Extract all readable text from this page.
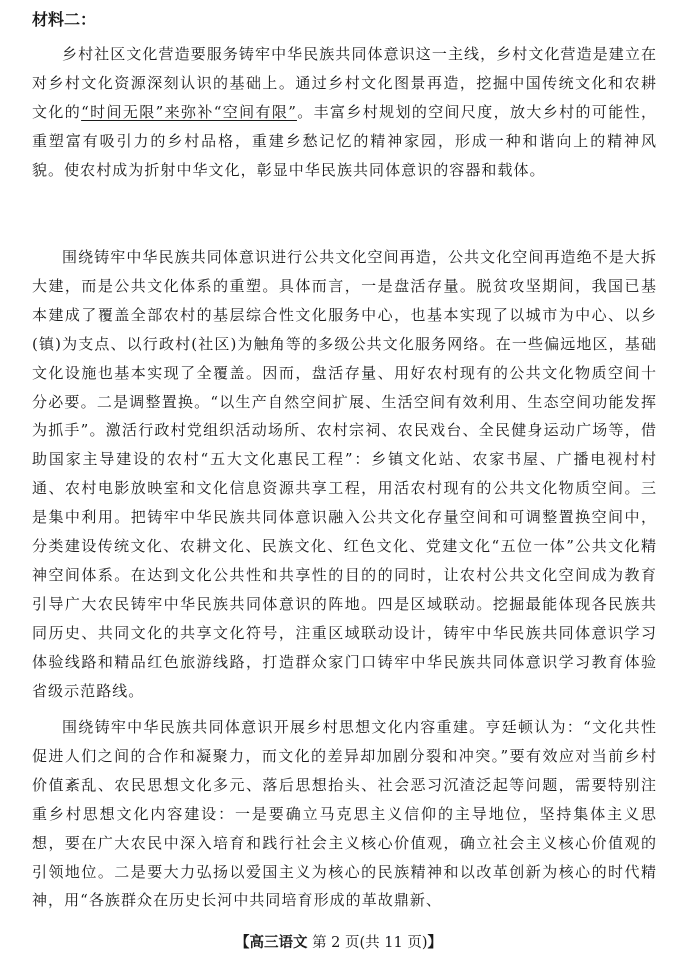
材料二：

乡村社区文化营造要服务铸牢中华民族共同体意识这一主线，乡村文化营造是建立在对乡村文化资源深刻认识的基础上。通过乡村文化图景再造，挖掘中国传统文化和农耕文化的“时间无限”来弥补“空间有限”。丰富乡村规划的空间尺度，放大乡村的可能性，重塑富有吸引力的乡村品格，重建乡愁记忆的精神家园，形成一种和谐向上的精神风貌。使农村成为折射中华文化，彰显中华民族共同体意识的容器和载体。

围绕铸牢中华民族共同体意识进行公共文化空间再造，公共文化空间再造绝不是大拆大建，而是公共文化体系的重塑。具体而言，一是盘活存量。脱贫攻坚期间，我国已基本建成了覆盖全部农村的基层综合性文化服务中心，也基本实现了以城市为中心、以乡(镇)为支点、以行政村(社区)为触角等的多级公共文化服务网络。在一些偏远地区，基础文化设施也基本实现了全覆盖。因而，盘活存量、用好农村现有的公共文化物质空间十分必要。二是调整置换。“以生产自然空间扩展、生活空间有效利用、生态空间功能发挥为抓手”。激活行政村党组织活动场所、农村宗祠、农民戏台、全民健身运动广场等，借助国家主导建设的农村“五大文化惠民工程”：乡镇文化站、农家书屋、广播电视村村通、农村电影放映室和文化信息资源共享工程，用活农村现有的公共文化物质空间。三是集中利用。把铸牢中华民族共同体意识融入公共文化存量空间和可调整置换空间中，分类建设传统文化、农耕文化、民族文化、红色文化、党建文化“五位一体”公共文化精神空间体系。在达到文化公共性和共享性的目的的同时，让农村公共文化空间成为教育引导广大农民铸牢中华民族共同体意识的阵地。四是区域联动。挖掘最能体现各民族共同历史、共同文化的共享文化符号，注重区域联动设计，铸牢中华民族共同体意识学习体验线路和精品红色旅游线路，打造群众家门口铸牢中华民族共同体意识学习教育体验省级示范路线。

围绕铸牢中华民族共同体意识开展乡村思想文化内容重建。亨廷顿认为：“文化共性促进人们之间的合作和凝聚力，而文化的差异却加剧分裂和冲突。”要有效应对当前乡村价值紊乱、农民思想文化多元、落后思想抬头、社会恶习沉渣泛起等问题，需要特别注重乡村思想文化内容建设：一是要确立马克思主义信仰的主导地位，坚持集体主义思想，要在广大农民中深入培育和践行社会主义核心价值观，确立社会主义核心价值观的引领地位。二是要大力弘扬以爱国主义为核心的民族精神和以改革创新为核心的时代精神，用“各族群众在历史长河中共同培育形成的革故鼎新、

【高三语文 第 2 页(共 11 页)】
